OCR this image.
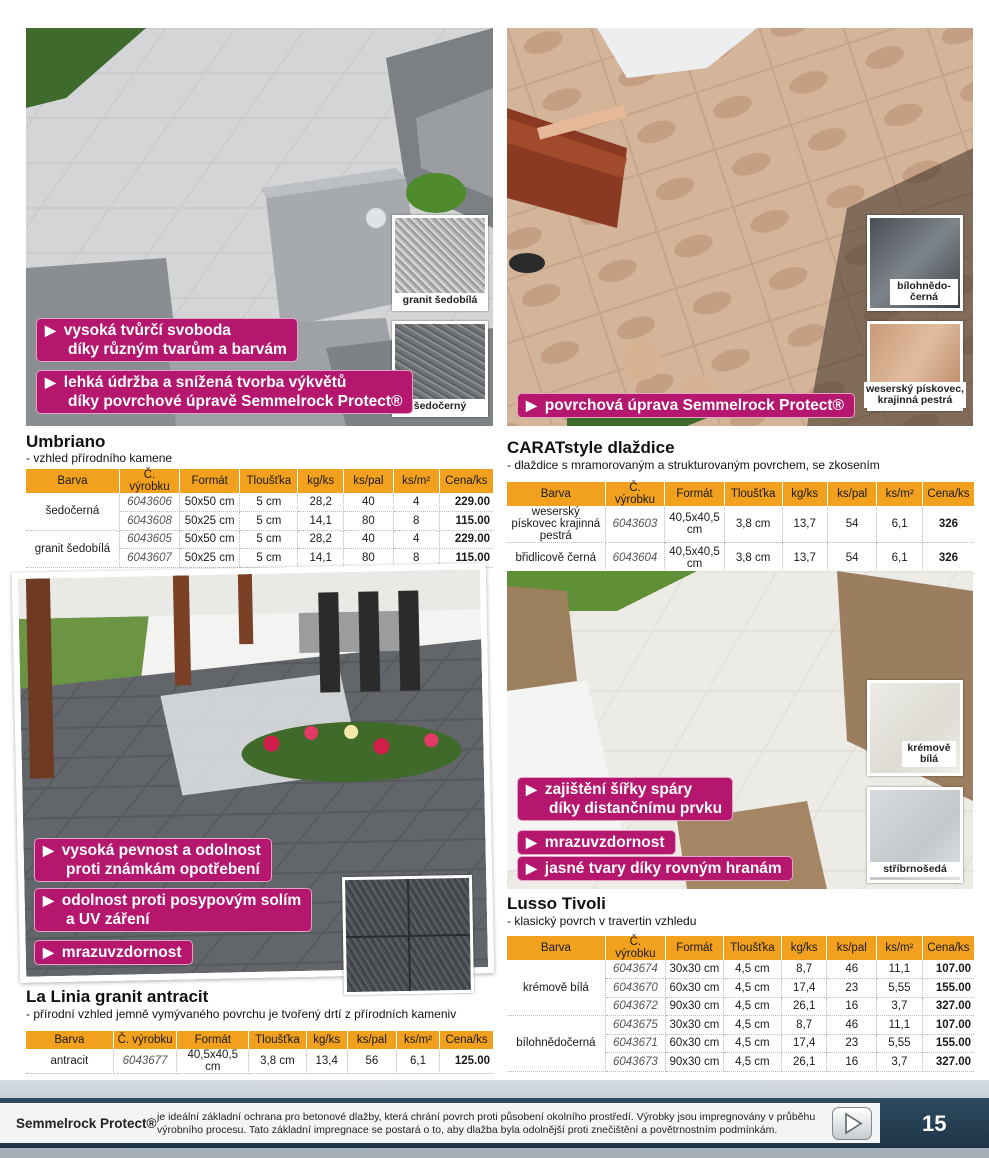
granit šedobílá
šedočerný
▶ vysoká tvůrčí svoboda
díky různým tvarům a barvám
▶ lehká údržba a snížená tvorba výkvětů
díky povrchové úpravě Semmelrock Protect®
Umbriano
- vzhled přírodního kamene
Barva	Č. výrobku	Formát	Tloušťka	kg/ks	ks/pal	ks/m²	Cena/ks
šedočerná	6043606	50x50 cm	5 cm	28,2	40	4	229.00
	6043608	50x25 cm	5 cm	14,1	80	8	115.00
granit šedobílá	6043605	50x50 cm	5 cm	28,2	40	4	229.00
	6043607	50x25 cm	5 cm	14,1	80	8	115.00
bílohnědo-černá
weserský pískovec, krajinná pestrá
▶ povrchová úprava Semmelrock Protect®
CARATstyle dlaždice
- dlaždice s mramorovaným a strukturovaným povrchem, se zkosením
Barva	Č. výrobku	Formát	Tloušťka	kg/ks	ks/pal	ks/m²	Cena/ks
weserský pískovec krajinná pestrá	6043603	40,5x40,5 cm	3,8 cm	13,7	54	6,1	326
břidlicově černá	6043604	40,5x40,5 cm	3,8 cm	13,7	54	6,1	326
▶ vysoká pevnost a odolnost
proti známkám opotřebení
▶ odolnost proti posypovým solím
a UV záření
▶ mrazuvzdornost
La Linia granit antracit
- přírodní vzhled jemně vymývaného povrchu je tvořený drtí z přírodních kameniv
Barva	Č. výrobku	Formát	Tloušťka	kg/ks	ks/pal	ks/m²	Cena/ks
antracit	6043677	40,5x40,5 cm	3,8 cm	13,4	56	6,1	125.00
krémově bílá
stříbrnošedá
▶ zajištění šířky spáry
díky distančnímu prvku
▶ mrazuvzdornost
▶ jasné tvary díky rovným hranám
Lusso Tivoli
- klasický povrch v travertin vzhledu
Barva	Č. výrobku	Formát	Tloušťka	kg/ks	ks/pal	ks/m²	Cena/ks
krémově bílá	6043674	30x30 cm	4,5 cm	8,7	46	11,1	107.00
	6043670	60x30 cm	4,5 cm	17,4	23	5,55	155.00
	6043672	90x30 cm	4,5 cm	26,1	16	3,7	327.00
bílohnědočerná	6043675	30x30 cm	4,5 cm	8,7	46	11,1	107.00
	6043671	60x30 cm	4,5 cm	17,4	23	5,55	155.00
	6043673	90x30 cm	4,5 cm	26,1	16	3,7	327.00
Semmelrock Protect® je ideální základní ochrana pro betonové dlažby, která chrání povrch proti působení okolního prostředí. Výrobky jsou impregnovány v průběhu výrobního procesu. Tato základní impregnace se postará o to, aby dlažba byla odolnější proti znečištění a povětrnostním podmínkám.	15
